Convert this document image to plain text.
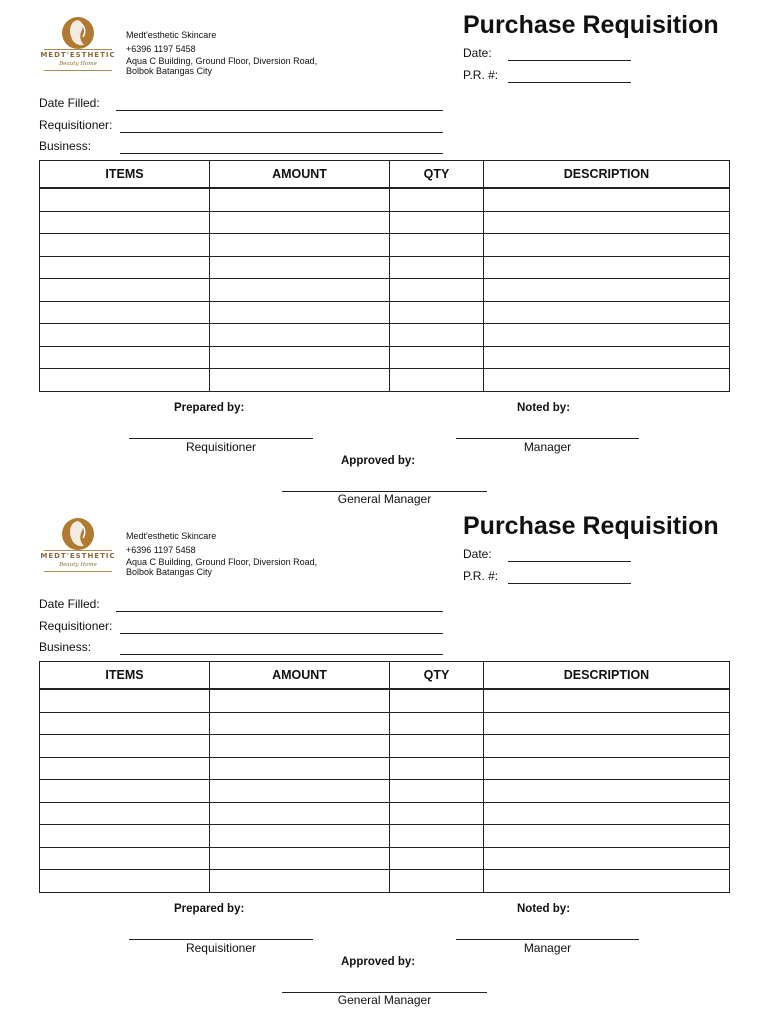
MEDT'ESTHETIC
Beauty Home
Medt'esthetic Skincare
+6396 1197 5458
Aqua C Building, Ground Floor, Diversion Road,
Bolbok Batangas City
Purchase Requisition
Date:
P.R. #:
Date Filled:
Requisitioner:
Business:
ITEMS	AMOUNT	QTY	DESCRIPTION

Prepared by:	Noted by:
Requisitioner	Manager
Approved by:
General Manager
MEDT'ESTHETIC
Beauty Home
Medt'esthetic Skincare
+6396 1197 5458
Aqua C Building, Ground Floor, Diversion Road,
Bolbok Batangas City
Purchase Requisition
Date:
P.R. #:
Date Filled:
Requisitioner:
Business:
ITEMS	AMOUNT	QTY	DESCRIPTION

Prepared by:	Noted by:
Requisitioner	Manager
Approved by:
General Manager
